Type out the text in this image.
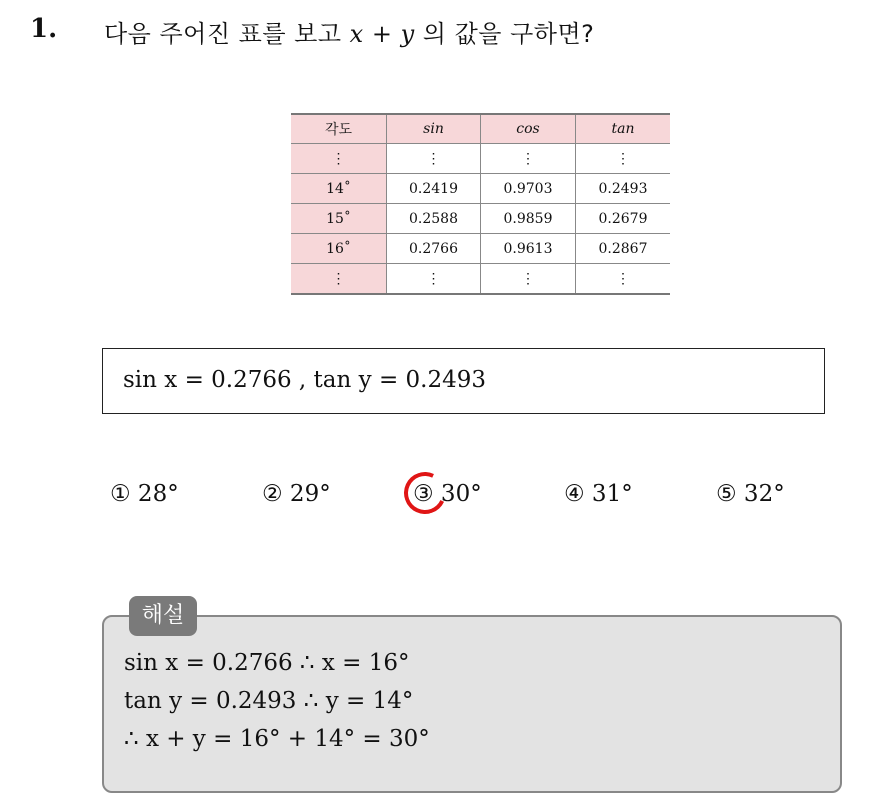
1. 다음 주어진 표를 보고 x + y 의 값을 구하면?
각도	sin	cos	tan
⋮	⋮	⋮	⋮
14˚	0.2419	0.9703	0.2493
15˚	0.2588	0.9859	0.2679
16˚	0.2766	0.9613	0.2867
⋮	⋮	⋮	⋮
sin x = 0.2766 , tan y = 0.2493
① 28°	② 29°	③ 30°	④ 31°	⑤ 32°
해설
sin x = 0.2766 ∴ x = 16°
tan y = 0.2493 ∴ y = 14°
∴ x + y = 16° + 14° = 30°
